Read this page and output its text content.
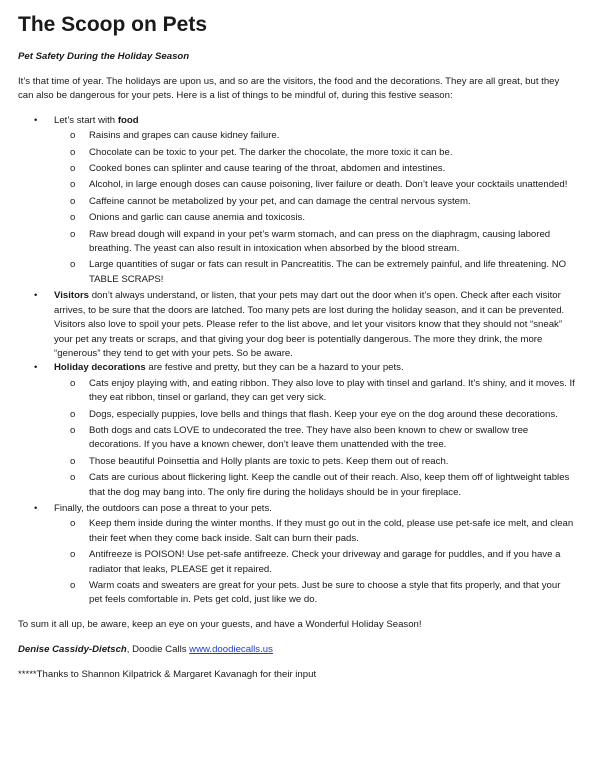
The Scoop on Pets
Pet Safety During the Holiday Season

It’s that time of year. The holidays are upon us, and so are the visitors, the food and the decorations. They are all great, but they can also be dangerous for your pets. Here is a list of things to be mindful of, during this festive season:

• Let’s start with food
o Raisins and grapes can cause kidney failure.
o Chocolate can be toxic to your pet. The darker the chocolate, the more toxic it can be.
o Cooked bones can splinter and cause tearing of the throat, abdomen and intestines.
o Alcohol, in large enough doses can cause poisoning, liver failure or death. Don’t leave your cocktails unattended!
o Caffeine cannot be metabolized by your pet, and can damage the central nervous system.
o Onions and garlic can cause anemia and toxicosis.
o Raw bread dough will expand in your pet’s warm stomach, and can press on the diaphragm, causing labored breathing. The yeast can also result in intoxication when absorbed by the blood stream.
o Large quantities of sugar or fats can result in Pancreatitis. The can be extremely painful, and life threatening. NO TABLE SCRAPS!
• Visitors don’t always understand, or listen, that your pets may dart out the door when it’s open. Check after each visitor arrives, to be sure that the doors are latched. Too many pets are lost during the holiday season, and it can be prevented. Visitors also love to spoil your pets. Please refer to the list above, and let your visitors know that they should not “sneak” your pet any treats or scraps, and that giving your dog beer is potentially dangerous. The more they drink, the more “generous” they tend to get with your pets. So be aware.
• Holiday decorations are festive and pretty, but they can be a hazard to your pets.
o Cats enjoy playing with, and eating ribbon. They also love to play with tinsel and garland. It’s shiny, and it moves. If they eat ribbon, tinsel or garland, they can get very sick.
o Dogs, especially puppies, love bells and things that flash. Keep your eye on the dog around these decorations.
o Both dogs and cats LOVE to undecorated the tree. They have also been known to chew or swallow tree decorations. If you have a known chewer, don’t leave them unattended with the tree.
o Those beautiful Poinsettia and Holly plants are toxic to pets. Keep them out of reach.
o Cats are curious about flickering light. Keep the candle out of their reach. Also, keep them off of lightweight tables that the dog may bang into. The only fire during the holidays should be in your fireplace.
• Finally, the outdoors can pose a threat to your pets.
o Keep them inside during the winter months. If they must go out in the cold, please use pet-safe ice melt, and clean their feet when they come back inside. Salt can burn their pads.
o Antifreeze is POISON! Use pet-safe antifreeze. Check your driveway and garage for puddles, and if you have a radiator that leaks, PLEASE get it repaired.
o Warm coats and sweaters are great for your pets. Just be sure to choose a style that fits properly, and that your pet feels comfortable in. Pets get cold, just like we do.

To sum it all up, be aware, keep an eye on your guests, and have a Wonderful Holiday Season!

Denise Cassidy-Dietsch, Doodie Calls www.doodiecalls.us

*****Thanks to Shannon Kilpatrick & Margaret Kavanagh for their input
